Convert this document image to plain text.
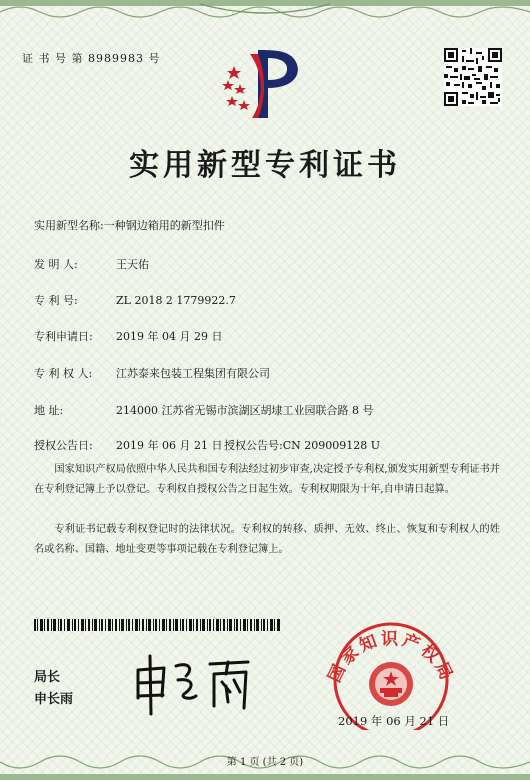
证 书 号 第 8989983 号
实用新型专利证书
实用新型名称:一种钢边箱用的新型扣件
发 明 人:	王天佑
专 利 号:	ZL 2018 2 1779922.7
专利申请日: 2019 年 04 月 29 日
专 利 权 人: 江苏泰来包装工程集团有限公司
地 址:	214000 江苏省无锡市滨湖区胡埭工业园联合路 8 号
授权公告日: 2019 年 06 月 21 日 授权公告号:CN 209009128 U
国家知识产权局依照中华人民共和国专利法经过初步审查,决定授予专利权,颁发实用新型专利证书并在专利登记簿上予以登记。专利权自授权公告之日起生效。专利权期限为十年,自申请日起算。
专利证书记载专利权登记时的法律状况。专利权的转移、质押、无效、终止、恢复和专利权人的姓名或名称、国籍、地址变更等事项记载在专利登记簿上。
局长
申长雨
国家知识产权局
2019 年 06 月 21 日
第 1 页 (共 2 页)
